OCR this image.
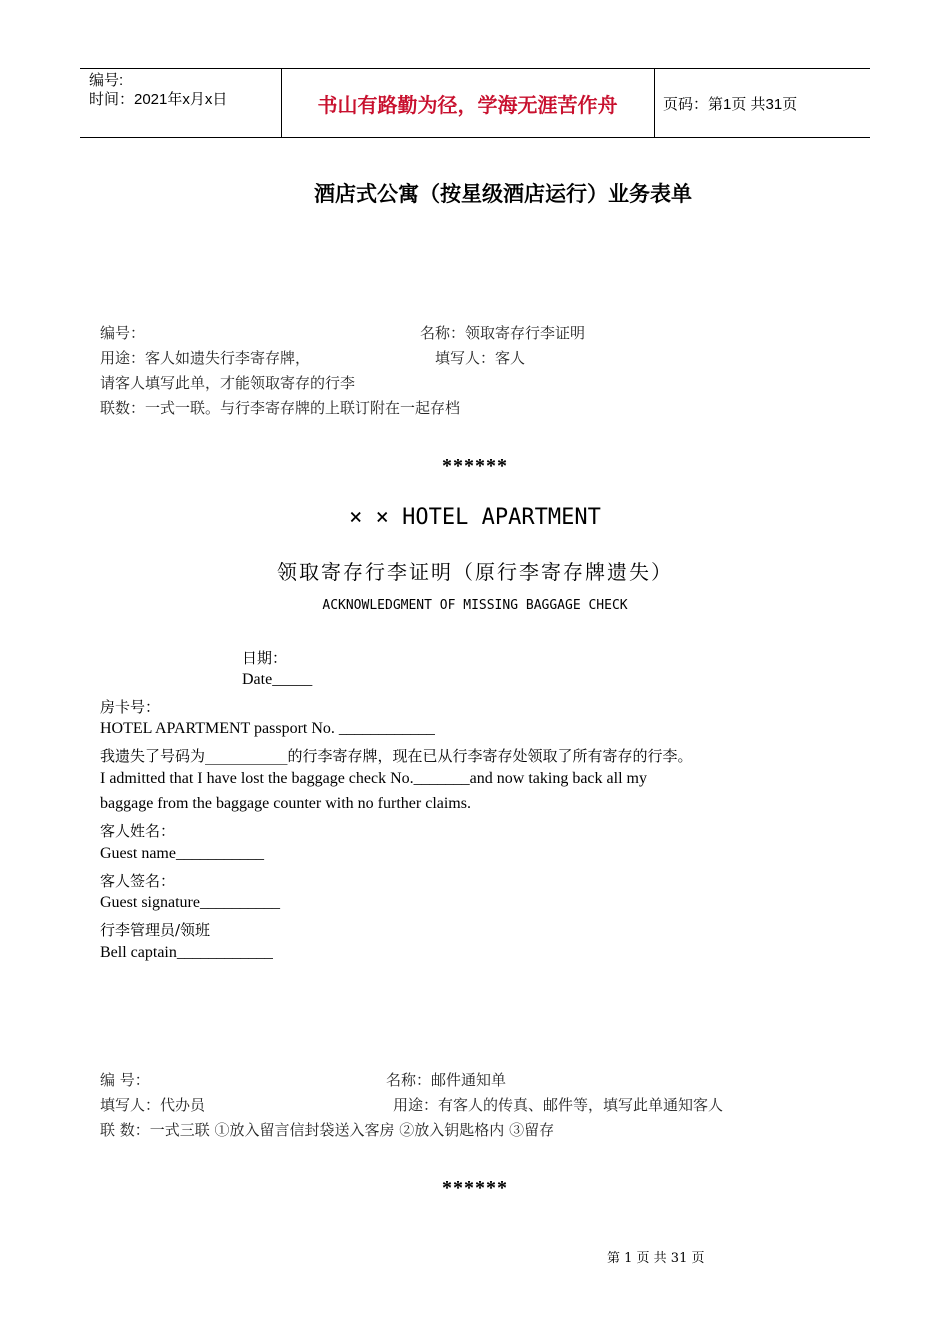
编号:
时间：2021年x月x日	书山有路勤为径，学海无涯苦作舟	页码：第1页 共31页
酒店式公寓（按星级酒店运行）业务表单
编号：	名称：领取寄存行李证明
用途：客人如遗失行李寄存牌，	填写人：客人
请客人填写此单，才能领取寄存的行李
联数：一式一联。与行李寄存牌的上联订附在一起存档
******
× × HOTEL APARTMENT
领取寄存行李证明（原行李寄存牌遗失）
ACKNOWLEDGMENT OF MISSING BAGGAGE CHECK
日期：
Date_____
房卡号：
HOTEL APARTMENT passport No. ____________
我遗失了号码为___________的行李寄存牌，现在已从行李寄存处领取了所有寄存的行李。
I admitted that I have lost the baggage check No._______and now taking back all my
baggage from the baggage counter with no further claims.
客人姓名：
Guest name___________
客人签名：
Guest signature__________
行李管理员/领班
Bell captain____________
编 号：	名称：邮件通知单
填写人：代办员	用途：有客人的传真、邮件等，填写此单通知客人
联 数：一式三联 ①放入留言信封袋送入客房 ②放入钥匙格内 ③留存
******
第 1 页 共 31 页
